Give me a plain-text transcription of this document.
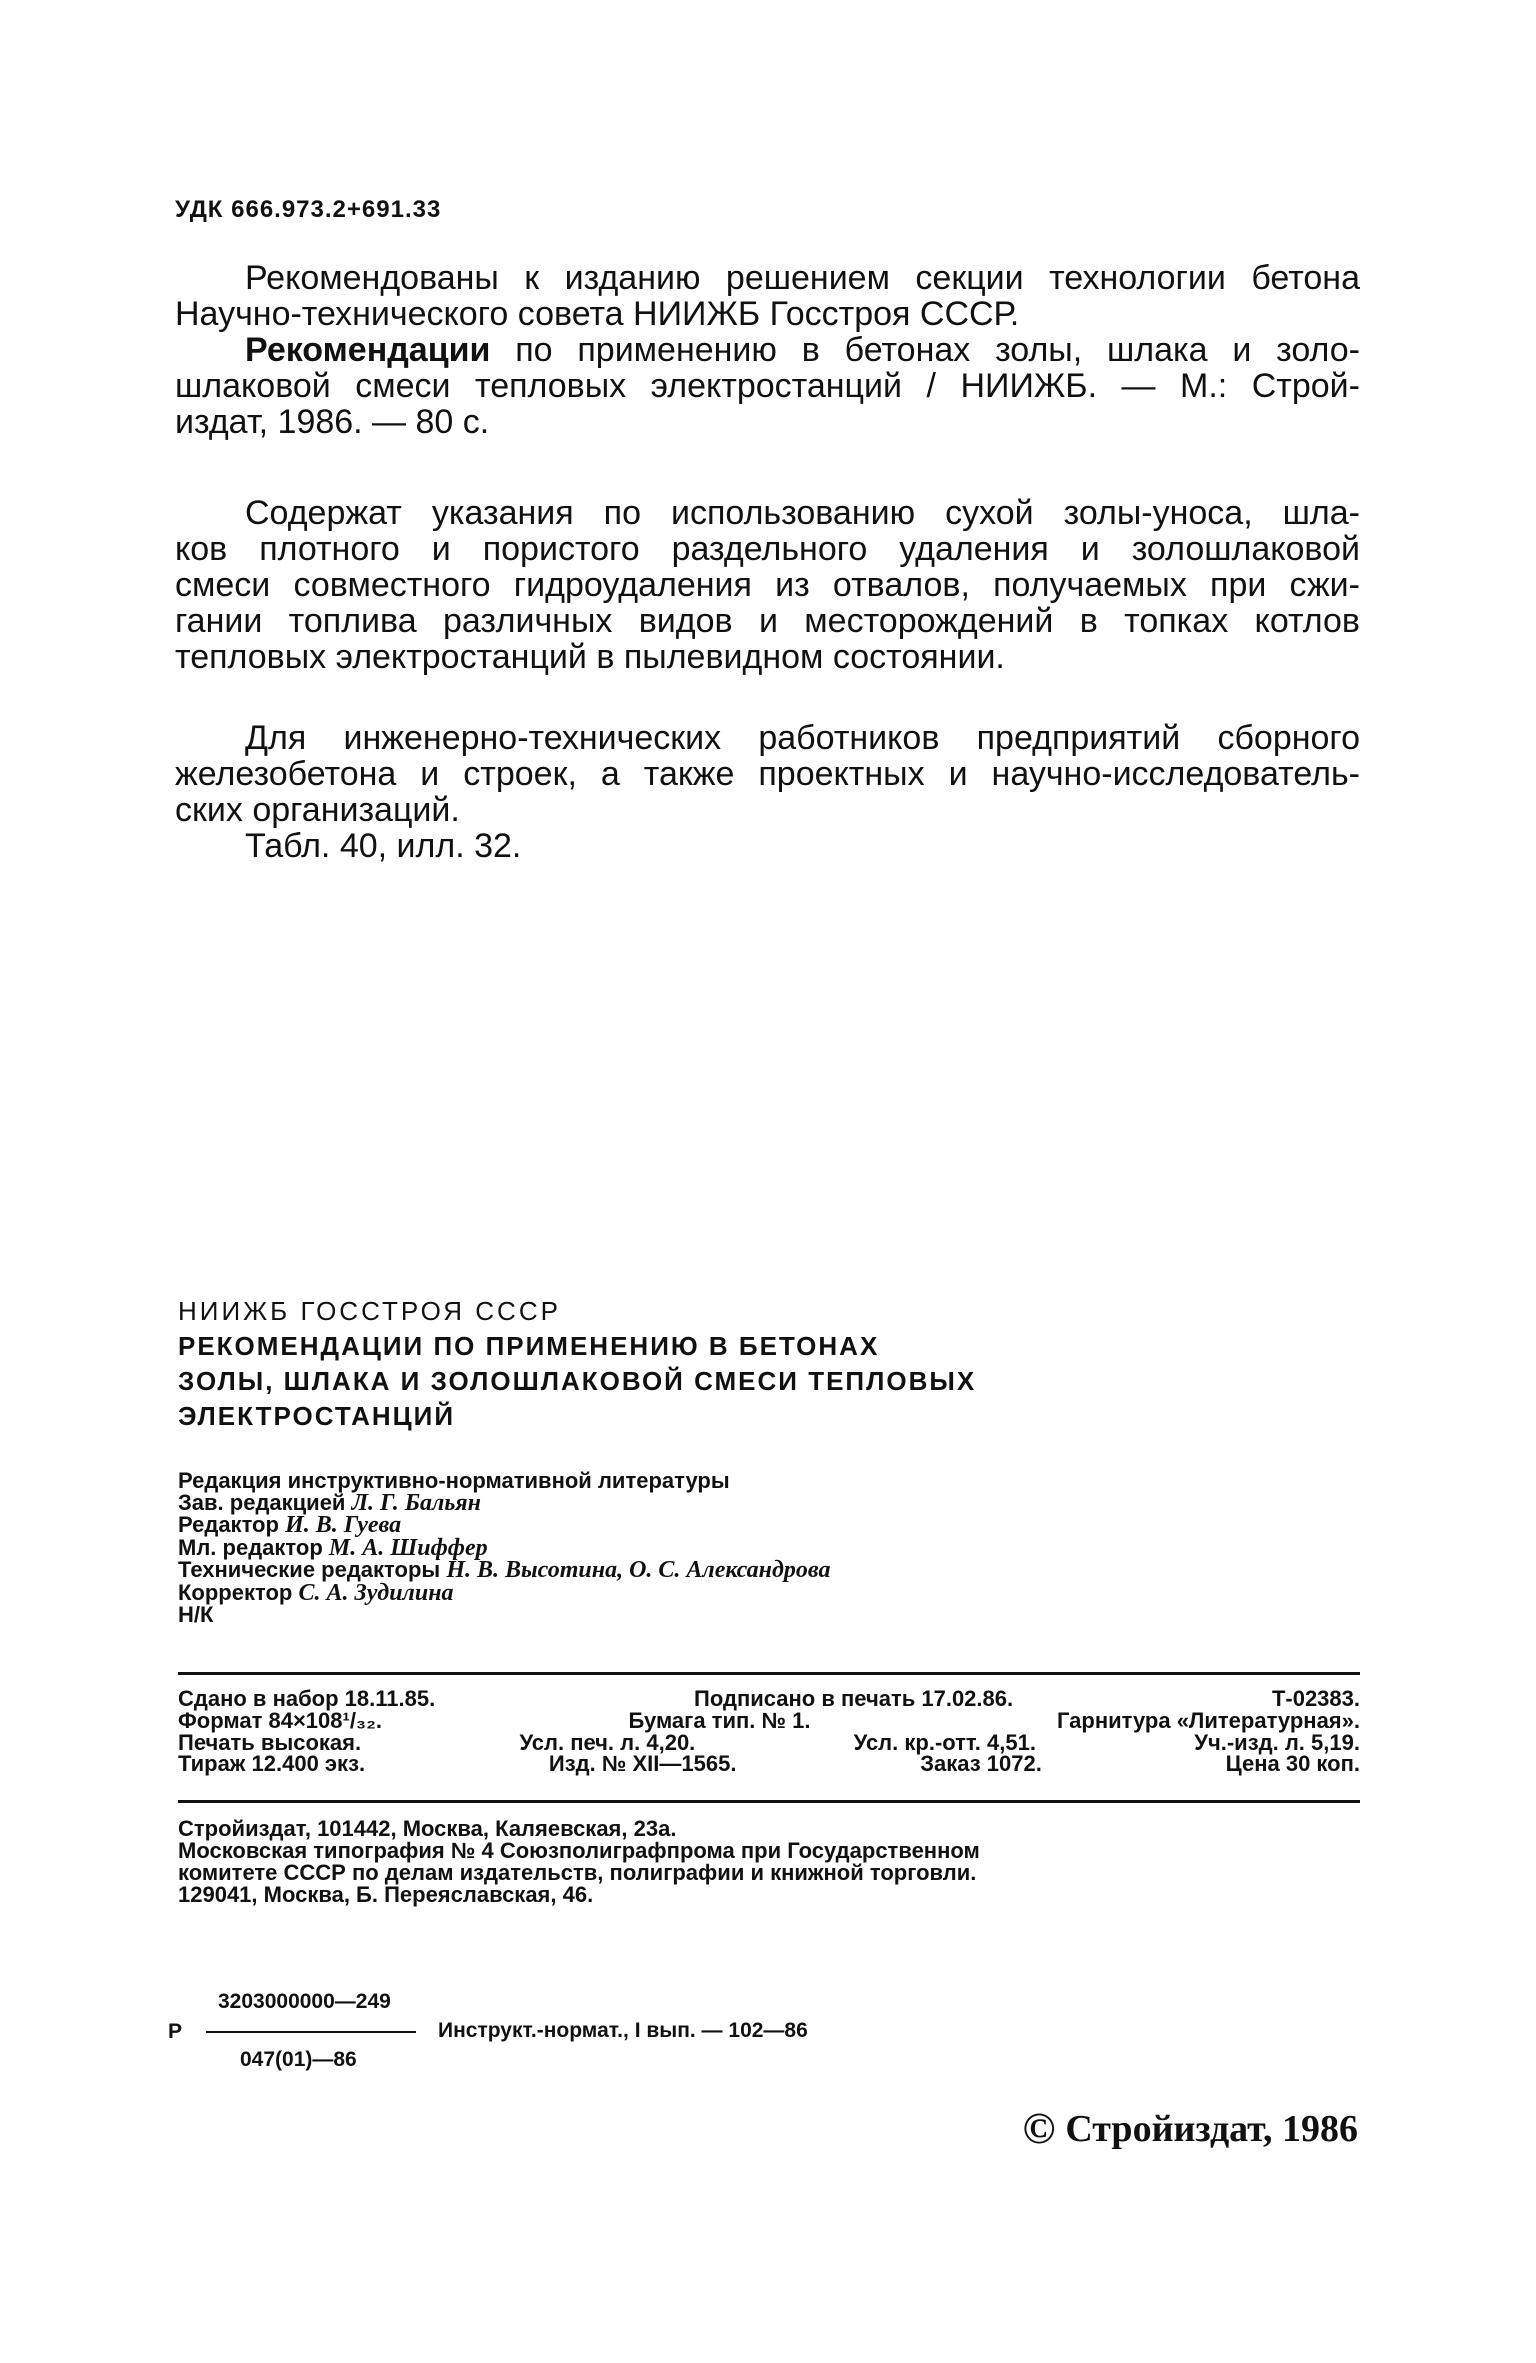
УДК 666.973.2+691.33
Рекомендованы к изданию решением секции технологии бетона
Научно-технического совета НИИЖБ Госстроя СССР.
Рекомендации по применению в бетонах золы, шлака и золо-
шлаковой смеси тепловых электростанций / НИИЖБ. — М.: Строй-
издат, 1986. — 80 с.
Содержат указания по использованию сухой золы-уноса, шла-
ков плотного и пористого раздельного удаления и золошлаковой
смеси совместного гидроудаления из отвалов, получаемых при сжи-
гании топлива различных видов и месторождений в топках котлов
тепловых электростанций в пылевидном состоянии.
Для инженерно-технических работников предприятий сборного
железобетона и строек, а также проектных и научно-исследователь-
ских организаций.
Табл. 40, илл. 32.
НИИЖБ ГОССТРОЯ СССР
РЕКОМЕНДАЦИИ ПО ПРИМЕНЕНИЮ В БЕТОНАХ
ЗОЛЫ, ШЛАКА И ЗОЛОШЛАКОВОЙ СМЕСИ ТЕПЛОВЫХ
ЭЛЕКТРОСТАНЦИЙ
Редакция инструктивно-нормативной литературы
Зав. редакцией Л. Г. Бальян
Редактор И. В. Гуева
Мл. редактор М. А. Шиффер
Технические редакторы Н. В. Высотина, О. С. Александрова
Корректор С. А. Зудилина
Н/К
Сдано в набор 18.11.85.	Подписано в печать 17.02.86.	Т-02383.
Формат 84×108¹/₃₂.	Бумага тип. № 1.	Гарнитура «Литературная».
Печать высокая.	Усл. печ. л. 4,20.	Усл. кр.-отт. 4,51.	Уч.-изд. л. 5,19.
Тираж 12.400 экз.	Изд. № XII—1565.	Заказ 1072.	Цена 30 коп.
Стройиздат, 101442, Москва, Каляевская, 23а.
Московская типография № 4 Союзполиграфпрома при Государственном
комитете СССР по делам издательств, полиграфии и книжной торговли.
129041, Москва, Б. Переяславская, 46.
3203000000—249
Р	Инструкт.-нормат., I вып. — 102—86
047(01)—86
© Стройиздат, 1986
